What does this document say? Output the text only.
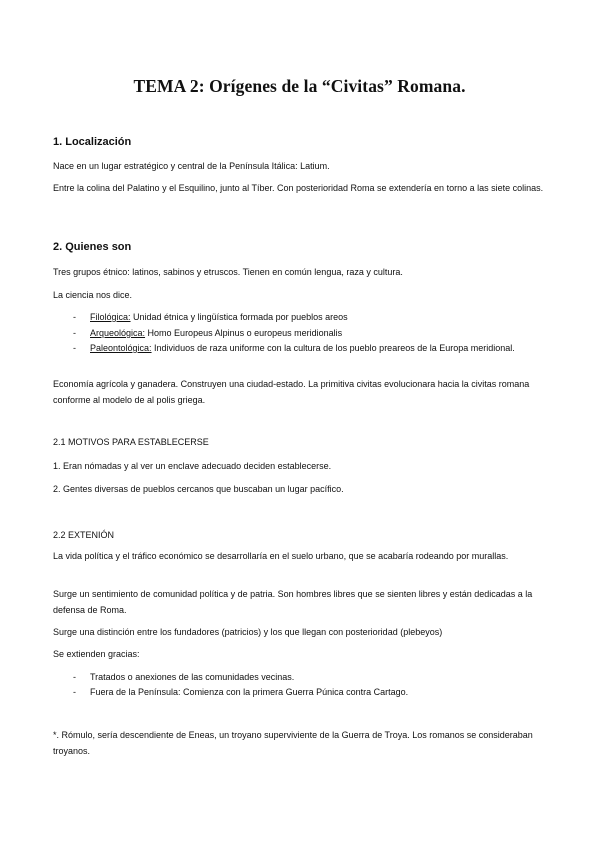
TEMA 2: Orígenes de la “Civitas” Romana.
1. Localización
Nace en un lugar estratégico y central de la Península Itálica: Latium.
Entre la colina del Palatino y el Esquilino, junto al Tíber. Con posterioridad Roma se extendería en torno a las siete colinas.
2. Quienes son
Tres grupos étnico: latinos, sabinos y etruscos. Tienen en común lengua, raza y cultura.
La ciencia nos dice.
- Filológica: Unidad étnica y lingüística formada por pueblos areos
- Arqueológica: Homo Europeus Alpinus o europeus meridionalis
- Paleontológica: Individuos de raza uniforme con la cultura de los pueblo preareos de la Europa meridional.
Economía agrícola y ganadera. Construyen una ciudad-estado. La primitiva civitas evolucionara hacia la civitas romana conforme al modelo de al polis griega.
2.1 MOTIVOS PARA ESTABLECERSE
1. Eran nómadas y al ver un enclave adecuado deciden establecerse.
2. Gentes diversas de pueblos cercanos que buscaban un lugar pacífico.
2.2 EXTENIÓN
La vida política y el tráfico económico se desarrollaría en el suelo urbano, que se acabaría rodeando por murallas.
Surge un sentimiento de comunidad política y de patria. Son hombres libres que se sienten libres y están dedicadas a la defensa de Roma.
Surge una distinción entre los fundadores (patricios) y los que llegan con posterioridad (plebeyos)
Se extienden gracias:
- Tratados o anexiones de las comunidades vecinas.
- Fuera de la Península: Comienza con la primera Guerra Púnica contra Cartago.
*. Rómulo, sería descendiente de Eneas, un troyano superviviente de la Guerra de Troya. Los romanos se consideraban troyanos.
